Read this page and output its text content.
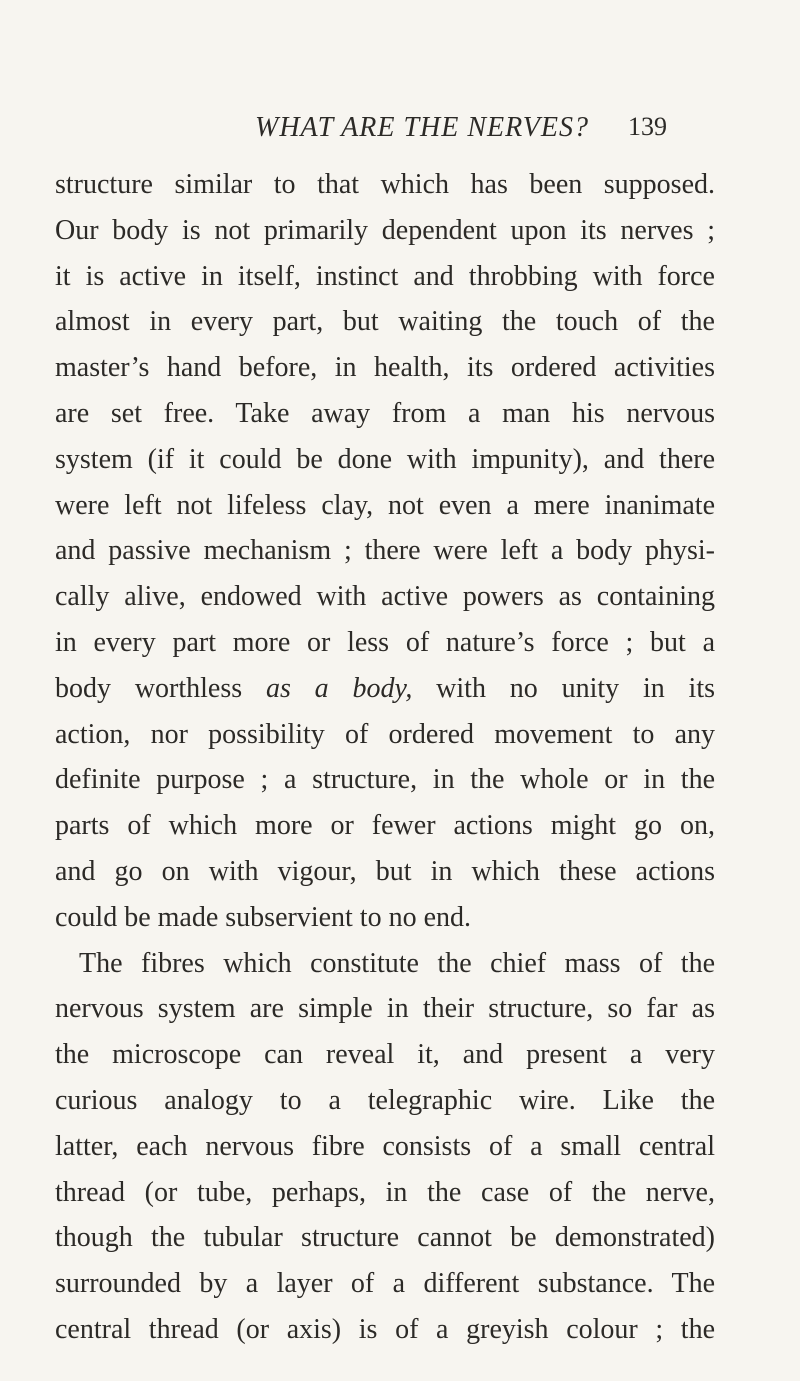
WHAT ARE THE NERVES? 139
structure similar to that which has been supposed.
Our body is not primarily dependent upon its nerves ;
it is active in itself, instinct and throbbing with force
almost in every part, but waiting the touch of the
master’s hand before, in health, its ordered activities
are set free. Take away from a man his nervous
system (if it could be done with impunity), and there
were left not lifeless clay, not even a mere inanimate
and passive mechanism ; there were left a body physi-
cally alive, endowed with active powers as containing
in every part more or less of nature’s force ; but a
body worthless as a body, with no unity in its
action, nor possibility of ordered movement to any
definite purpose ; a structure, in the whole or in the
parts of which more or fewer actions might go on,
and go on with vigour, but in which these actions
could be made subservient to no end.
The fibres which constitute the chief mass of the
nervous system are simple in their structure, so far as
the microscope can reveal it, and present a very
curious analogy to a telegraphic wire. Like the
latter, each nervous fibre consists of a small central
thread (or tube, perhaps, in the case of the nerve,
though the tubular structure cannot be demonstrated)
surrounded by a layer of a different substance. The
central thread (or axis) is of a greyish colour ; the
